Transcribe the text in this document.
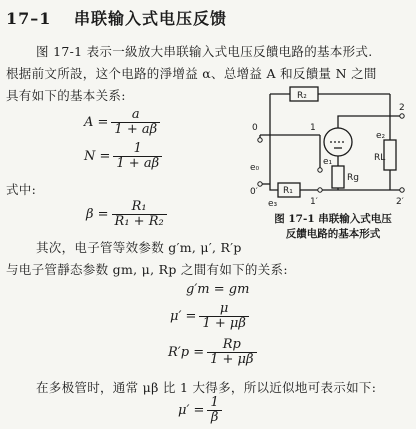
17–1 串联输入式电压反馈
图 17-1 表示一級放大串联输入式电压反饋电路的基本形式.
根据前文所設，这个电路的淨增益 α、总增益 A 和反饋量 N 之間
具有如下的基本关系:
$A = \frac{a}{1 + a\beta}$
$N = \frac{1}{1 + a\beta}$
式中:
$\beta = \frac{\text{R₁}}{\text{R₁ + R₂}}$
其次，电子管等效参数 g′m, μ′, R′p
与电子管靜态参数 gm, μ, Rp 之間有如下的关系:
g′m = gm
$\mu' = \frac{\mu}{1 + \mu\beta}$
$R'p = \frac{Rp}{1 + \mu\beta}$
在多极管时，通常 μβ 比 1 大得多，所以近似地可表示如下:
$\mu' = \frac{1}{\beta}$
R₂
R₁
Rg
RL
e₁
e₂
e₀
e₃
0
0′
1
1′
2
2′
图 17-1 串联输入式电压
反饋电路的基本形式
